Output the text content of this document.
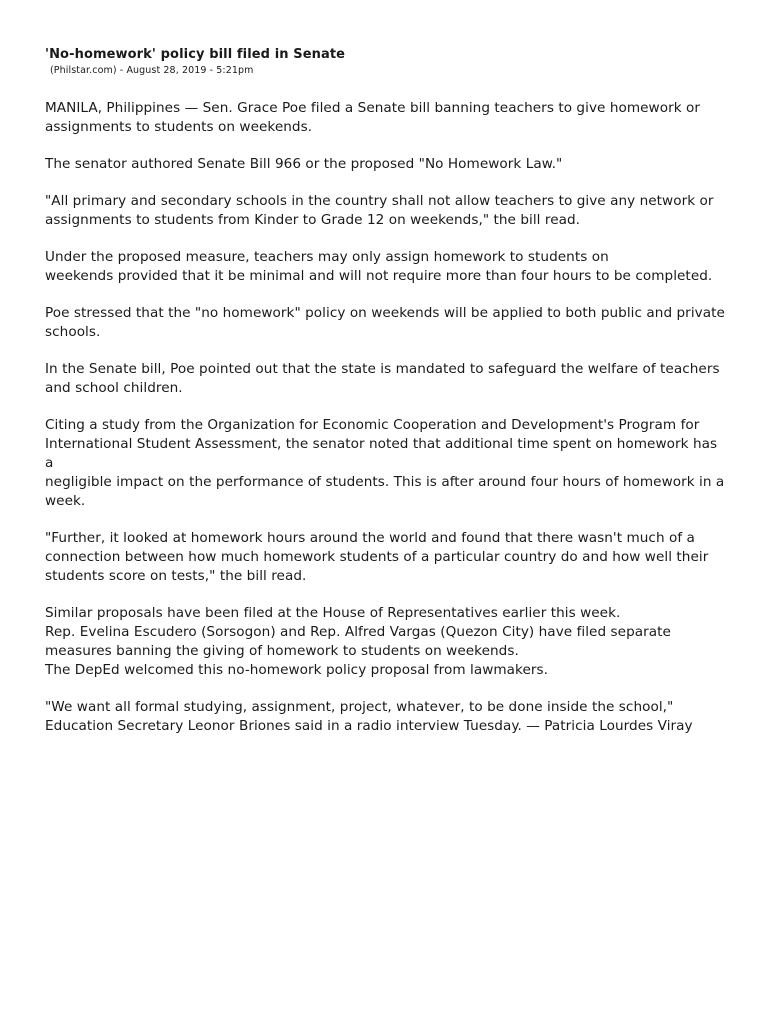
'No-homework' policy bill filed in Senate
(Philstar.com) - August 28, 2019 - 5:21pm

MANILA, Philippines — Sen. Grace Poe filed a Senate bill banning teachers to give homework or
assignments to students on weekends.

The senator authored Senate Bill 966 or the proposed "No Homework Law."

"All primary and secondary schools in the country shall not allow teachers to give any network or
assignments to students from Kinder to Grade 12 on weekends," the bill read.

Under the proposed measure, teachers may only assign homework to students on
weekends provided that it be minimal and will not require more than four hours to be completed.

Poe stressed that the "no homework" policy on weekends will be applied to both public and private
schools.

In the Senate bill, Poe pointed out that the state is mandated to safeguard the welfare of teachers
and school children.

Citing a study from the Organization for Economic Cooperation and Development's Program for
International Student Assessment, the senator noted that additional time spent on homework has a
negligible impact on the performance of students. This is after around four hours of homework in a
week.

"Further, it looked at homework hours around the world and found that there wasn't much of a
connection between how much homework students of a particular country do and how well their
students score on tests," the bill read.

Similar proposals have been filed at the House of Representatives earlier this week.
Rep. Evelina Escudero (Sorsogon) and Rep. Alfred Vargas (Quezon City) have filed separate
measures banning the giving of homework to students on weekends.
The DepEd welcomed this no-homework policy proposal from lawmakers.

"We want all formal studying, assignment, project, whatever, to be done inside the school,"
Education Secretary Leonor Briones said in a radio interview Tuesday. — Patricia Lourdes Viray
